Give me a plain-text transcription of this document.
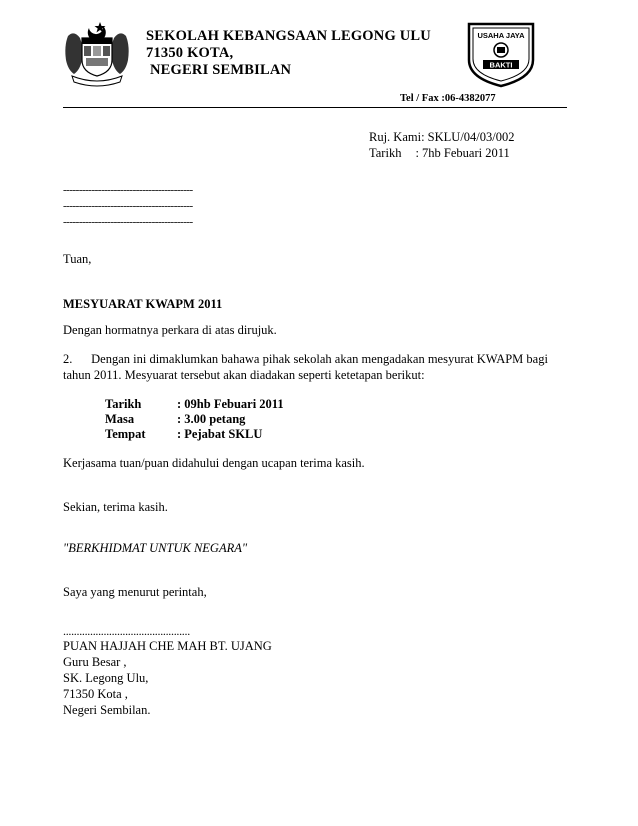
SEKOLAH KEBANGSAAN LEGONG ULU
71350 KOTA,
NEGERI SEMBILAN
USAHA JAYA
BAKTI
Tel / Fax :06-4382077
Ruj. Kami: SKLU/04/03/002
Tarikh : 7hb Febuari 2011
-----------------------------------------
-----------------------------------------
-----------------------------------------
Tuan,
MESYUARAT KWAPM 2011
Dengan hormatnya perkara di atas dirujuk.
2.      Dengan ini dimaklumkan bahawa pihak sekolah akan mengadakan mesyurat KWAPM bagi
tahun 2011. Mesyuarat tersebut akan diadakan seperti ketetapan berikut:
Tarikh	: 09hb Febuari 2011
Masa	: 3.00 petang
Tempat	: Pejabat SKLU
Kerjasama tuan/puan didahului dengan ucapan terima kasih.
Sekian, terima kasih.
"BERKHIDMAT UNTUK NEGARA"
Saya yang menurut perintah,
...............................................
PUAN HAJJAH CHE MAH BT. UJANG
Guru Besar ,
SK. Legong Ulu,
71350 Kota ,
Negeri Sembilan.
